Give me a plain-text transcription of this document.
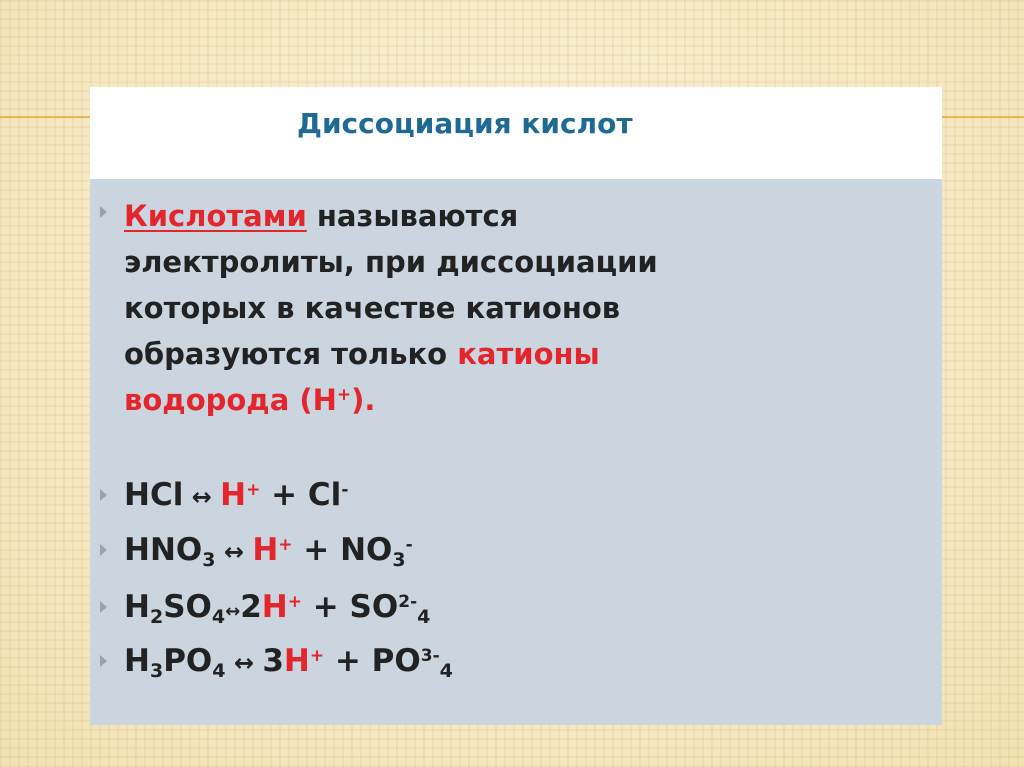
Диссоциация кислот
Кислотами называются
электролиты, при диссоциации
которых в качестве катионов
образуются только катионы
водорода (Н+).
HCl ↔ H+ + Cl-
HNO3 ↔ H+ + NO3-
H2SO4↔2H+ + $SO^{2-}4$
H3PO4 ↔ $3H^+ + PO^{3-}4$
